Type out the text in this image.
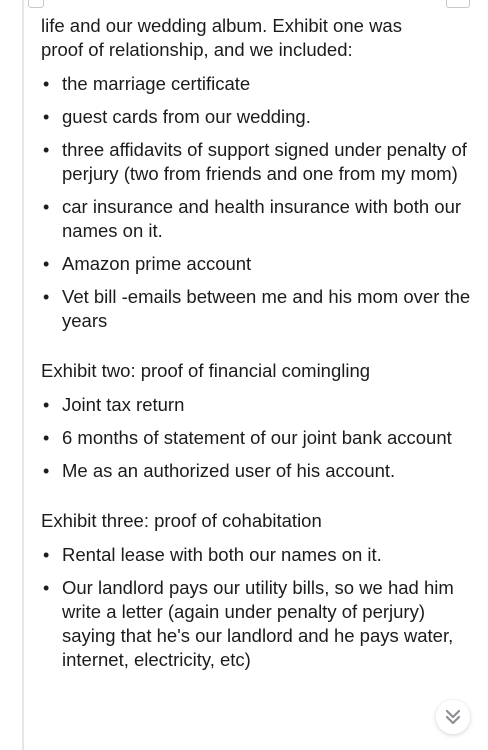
life and our wedding album. Exhibit one was
proof of relationship, and we included:

• the marriage certificate
• guest cards from our wedding.
• three affidavits of support signed under penalty of perjury (two from friends and one from my mom)
• car insurance and health insurance with both our names on it.
• Amazon prime account
• Vet bill -emails between me and his mom over the years

Exhibit two: proof of financial comingling

• Joint tax return
• 6 months of statement of our joint bank account
• Me as an authorized user of his account.

Exhibit three: proof of cohabitation

• Rental lease with both our names on it.
• Our landlord pays our utility bills, so we had him write a letter (again under penalty of perjury) saying that he's our landlord and he pays water, internet, electricity, etc)
